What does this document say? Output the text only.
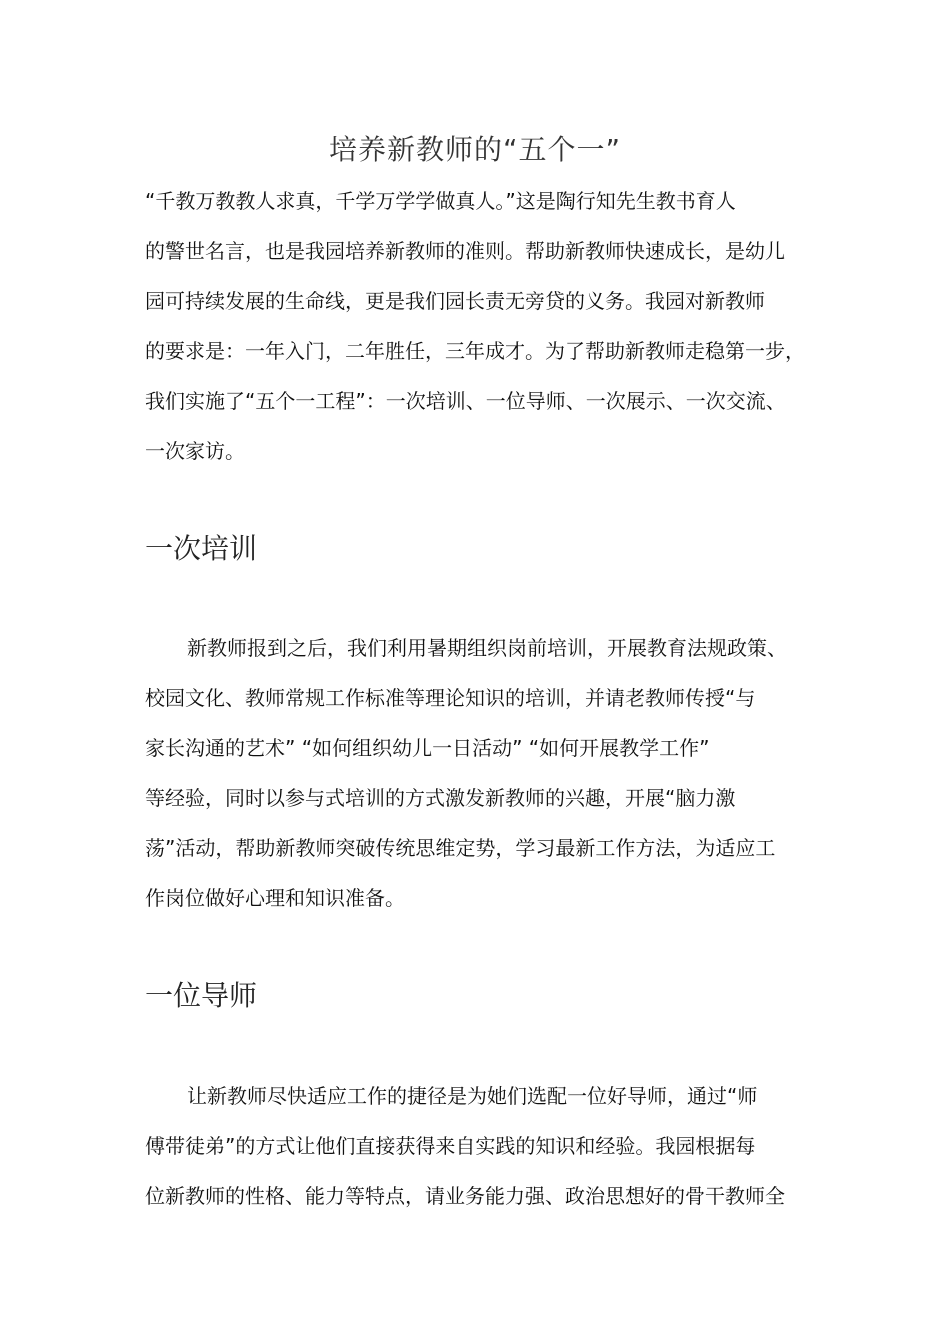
培养新教师的“五个一”
“千教万教教人求真，千学万学学做真人。”这是陶行知先生教书育人
的警世名言，也是我园培养新教师的准则。帮助新教师快速成长，是幼儿
园可持续发展的生命线，更是我们园长责无旁贷的义务。我园对新教师
的要求是：一年入门，二年胜任，三年成才。为了帮助新教师走稳第一步，
我们实施了“五个一工程”：一次培训、一位导师、一次展示、一次交流、
一次家访。
一次培训
新教师报到之后，我们利用暑期组织岗前培训，开展教育法规政策、
校园文化、教师常规工作标准等理论知识的培训，并请老教师传授“与
家长沟通的艺术” “如何组织幼儿一日活动” “如何开展教学工作”
等经验，同时以参与式培训的方式激发新教师的兴趣，开展“脑力激
荡”活动，帮助新教师突破传统思维定势，学习最新工作方法，为适应工
作岗位做好心理和知识准备。
一位导师
让新教师尽快适应工作的捷径是为她们选配一位好导师，通过“师
傅带徒弟”的方式让他们直接获得来自实践的知识和经验。我园根据每
位新教师的性格、能力等特点，请业务能力强、政治思想好的骨干教师全
